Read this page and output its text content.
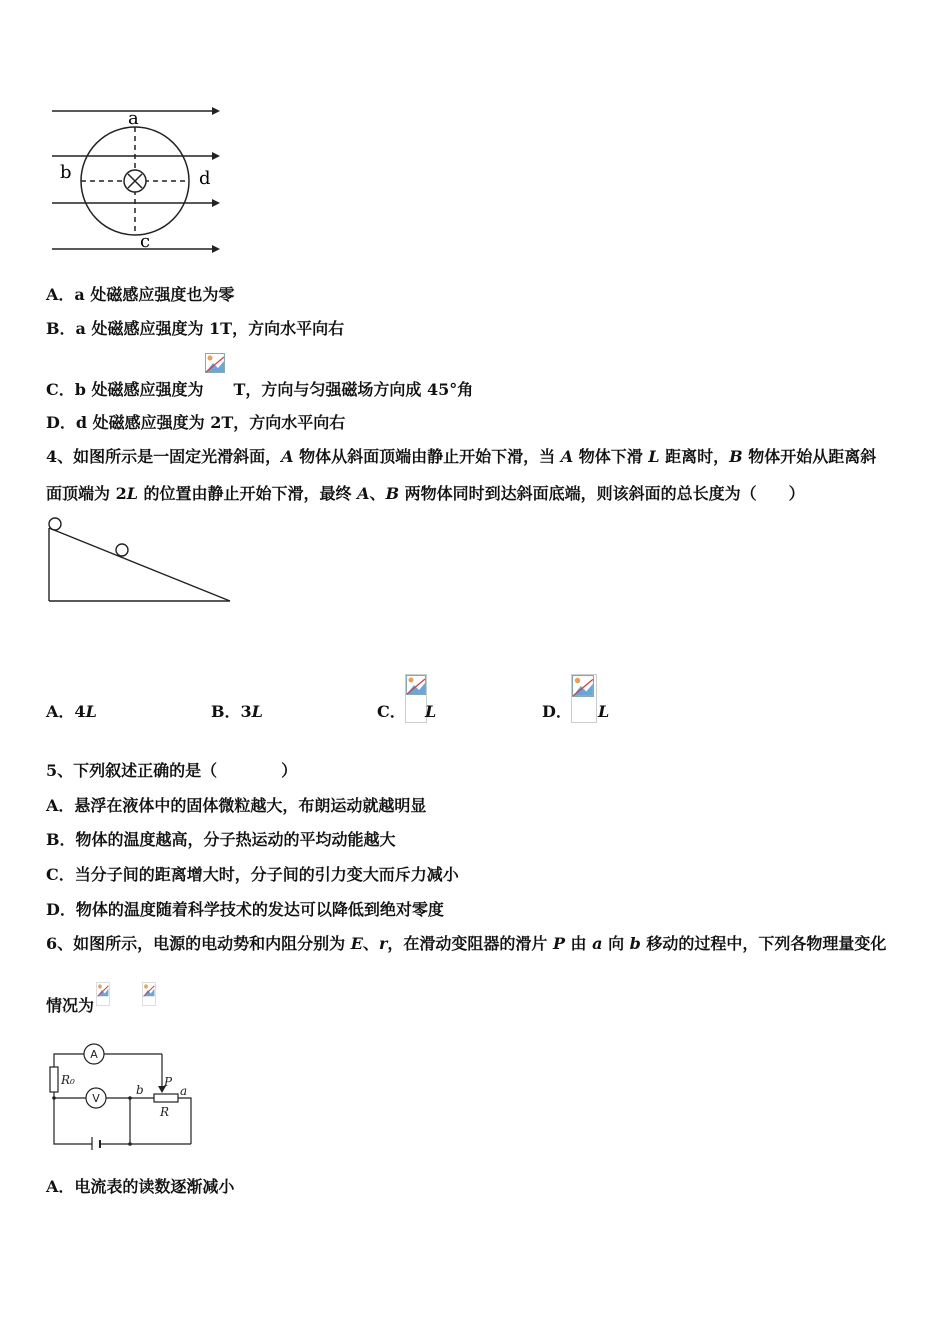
a
b	d
c
A．a 处磁感应强度也为零
B．a 处磁感应强度为 1T，方向水平向右
C．b 处磁感应强度为 T，方向与匀强磁场方向成 45°角
D．d 处磁感应强度为 2T，方向水平向右
4、如图所示是一固定光滑斜面，A 物体从斜面顶端由静止开始下滑，当 A 物体下滑 L 距离时，B 物体开始从距离斜
面顶端为 2L 的位置由静止开始下滑，最终 A、B 两物体同时到达斜面底端，则该斜面的总长度为（　　）
A．4L	B．3L	C． L	D． L
5、下列叙述正确的是（　　　　）
A．悬浮在液体中的固体微粒越大，布朗运动就越明显
B．物体的温度越高，分子热运动的平均动能越大
C．当分子间的距离增大时，分子间的引力变大而斥力减小
D．物体的温度随着科学技术的发达可以降低到绝对零度
6、如图所示，电源的电动势和内阻分别为 E、r，在滑动变阻器的滑片 P 由 a 向 b 移动的过程中，下列各物理量变化
情况为
R₀
b
P
a
R
A
V
A．电流表的读数逐渐减小
